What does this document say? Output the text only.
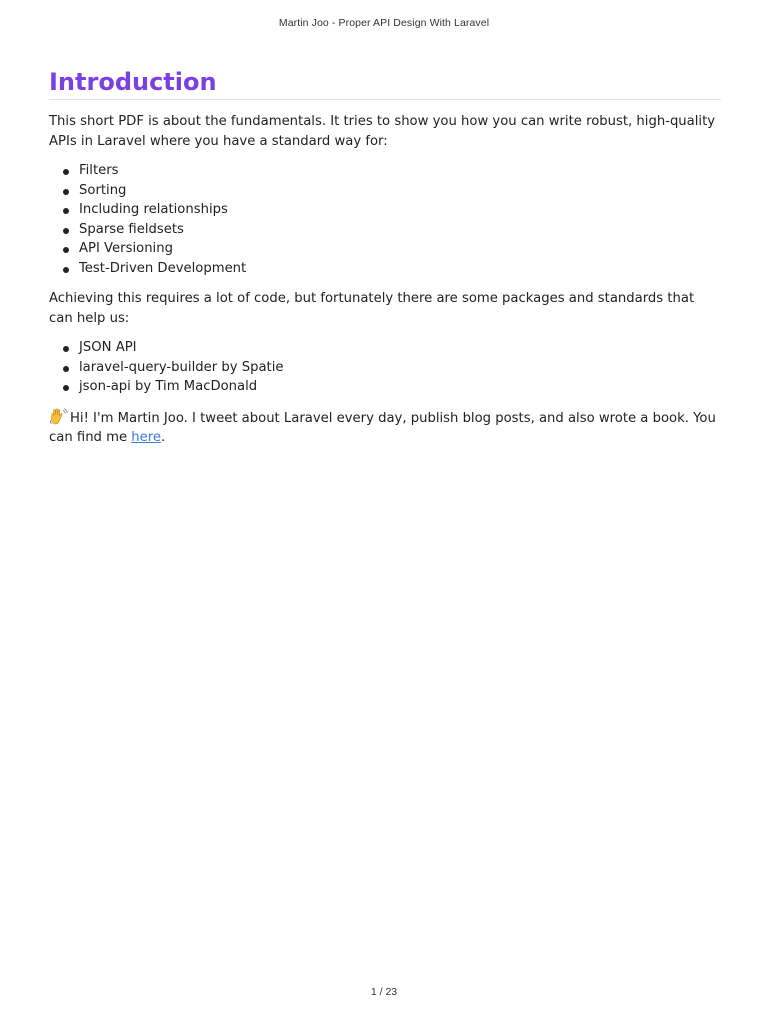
Martin Joo - Proper API Design With Laravel
Introduction

This short PDF is about the fundamentals. It tries to show you how you can write robust, high-quality APIs in Laravel where you have a standard way for:

Filters
Sorting
Including relationships
Sparse fieldsets
API Versioning
Test-Driven Development

Achieving this requires a lot of code, but fortunately there are some packages and standards that can help us:

JSON API
laravel-query-builder by Spatie
json-api by Tim MacDonald

Hi! I'm Martin Joo. I tweet about Laravel every day, publish blog posts, and also wrote a book. You can find me here.

1 / 23
